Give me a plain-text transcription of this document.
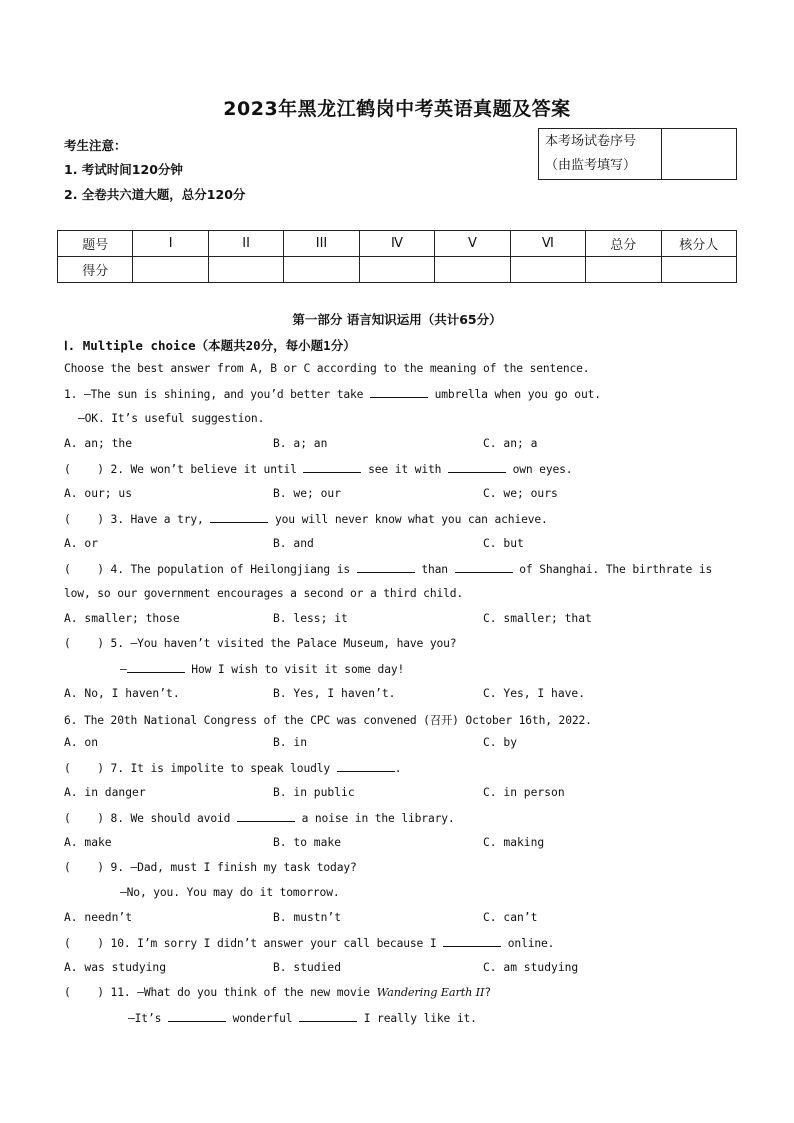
2023年黑龙江鹤岗中考英语真题及答案
考生注意：
1. 考试时间120分钟
2. 全卷共六道大题，总分120分
本考场试卷序号
（由监考填写）

题号	I	II	III	Ⅳ	V	Ⅵ	总分	核分人
得分								
第一部分 语言知识运用（共计65分）
Ⅰ. Multiple choice（本题共20分，每小题1分）
Choose the best answer from A, B or C according to the meaning of the sentence.
1. —The sun is shining, and you’d better take	umbrella when you go out.
—OK. It’s useful suggestion.
A. an; the	B. a; an	C. an; a
(    ) 2. We won’t believe it until	see it with	own eyes.
A. our; us	B. we; our	C. we; ours
(    ) 3. Have a try,	you will never know what you can achieve.
A. or	B. and	C. but
(    ) 4. The population of Heilongjiang is	than	of Shanghai. The birthrate is
low, so our government encourages a second or a third child.
A. smaller; those	B. less; it	C. smaller; that
(    ) 5. —You haven’t visited the Palace Museum, have you?
—	How I wish to visit it some day!
A. No, I haven’t.	B. Yes, I haven’t.	C. Yes, I have.
6. The 20th National Congress of the CPC was convened (召开) October 16th, 2022.
A. on	B. in	C. by
(    ) 7. It is impolite to speak loudly	.
A. in danger	B. in public	C. in person
(    ) 8. We should avoid	a noise in the library.
A. make	B. to make	C. making
(    ) 9. —Dad, must I finish my task today?
—No, you. You may do it tomorrow.
A. needn’t	B. mustn’t	C. can’t
(    ) 10. I’m sorry I didn’t answer your call because I	online.
A. was studying	B. studied	C. am studying
(    ) 11. —What do you think of the new movie Wandering Earth II?
—It’s	wonderful	I really like it.
